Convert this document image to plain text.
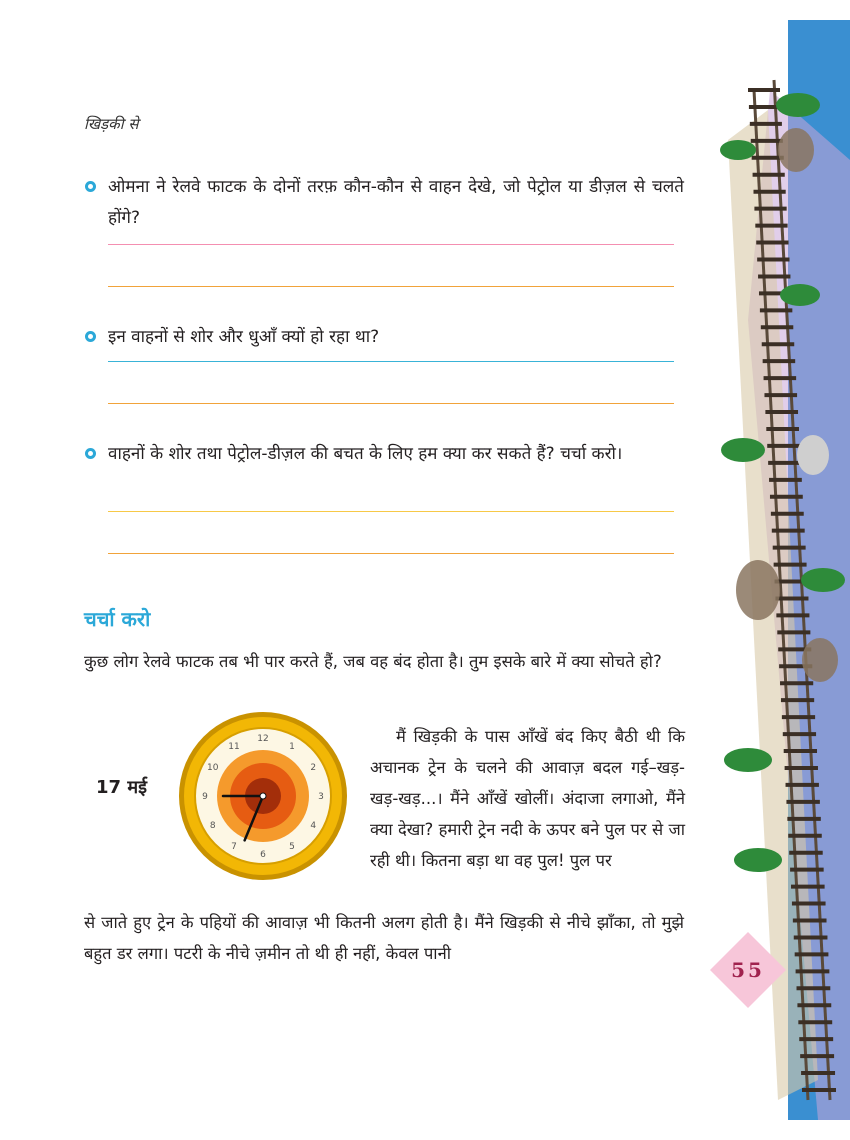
खिड़की से
ओमना ने रेलवे फाटक के दोनों तरफ़ कौन-कौन से वाहन देखे, जो पेट्रोल या डीज़ल से चलते होंगे?
इन वाहनों से शोर और धुआँ क्यों हो रहा था?
वाहनों के शोर तथा पेट्रोल-डीज़ल की बचत के लिए हम क्या कर सकते हैं? चर्चा करो।
चर्चा करो
कुछ लोग रेलवे फाटक तब भी पार करते हैं, जब वह बंद होता है। तुम इसके बारे में क्या सोचते हो?
17 मई
12
1
2
3
4
5
6
7
8
9
10
11
मैं खिड़की के पास आँखें बंद किए बैठी थी कि अचानक ट्रेन के चलने की आवाज़ बदल गई–खड़-खड़-खड़...। मैंने आँखें खोलीं। अंदाजा लगाओ, मैंने क्या देखा? हमारी ट्रेन नदी के ऊपर बने पुल पर से जा रही थी। कितना बड़ा था वह पुल! पुल पर
से जाते हुए ट्रेन के पहियों की आवाज़ भी कितनी अलग होती है। मैंने खिड़की से नीचे झाँका, तो मुझे बहुत डर लगा। पटरी के नीचे ज़मीन तो थी ही नहीं, केवल पानी
55
